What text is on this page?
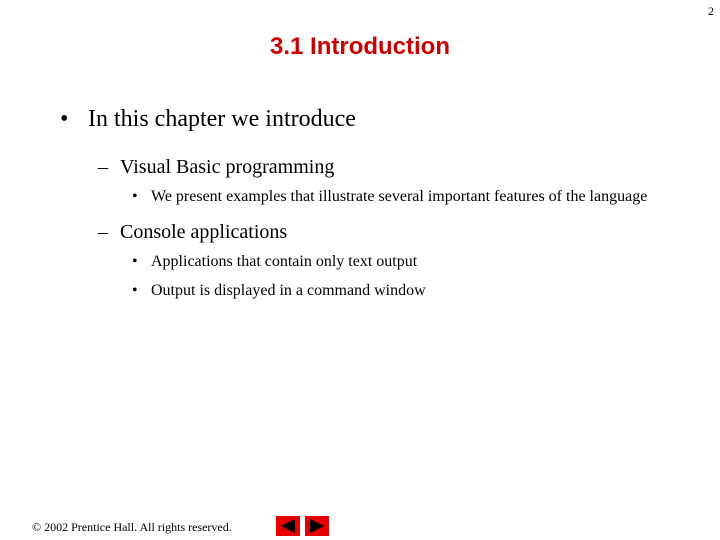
2
3.1 Introduction
• In this chapter we introduce
– Visual Basic programming
• We present examples that illustrate several important features of the language
– Console applications
• Applications that contain only text output
• Output is displayed in a command window
© 2002 Prentice Hall. All rights reserved.
